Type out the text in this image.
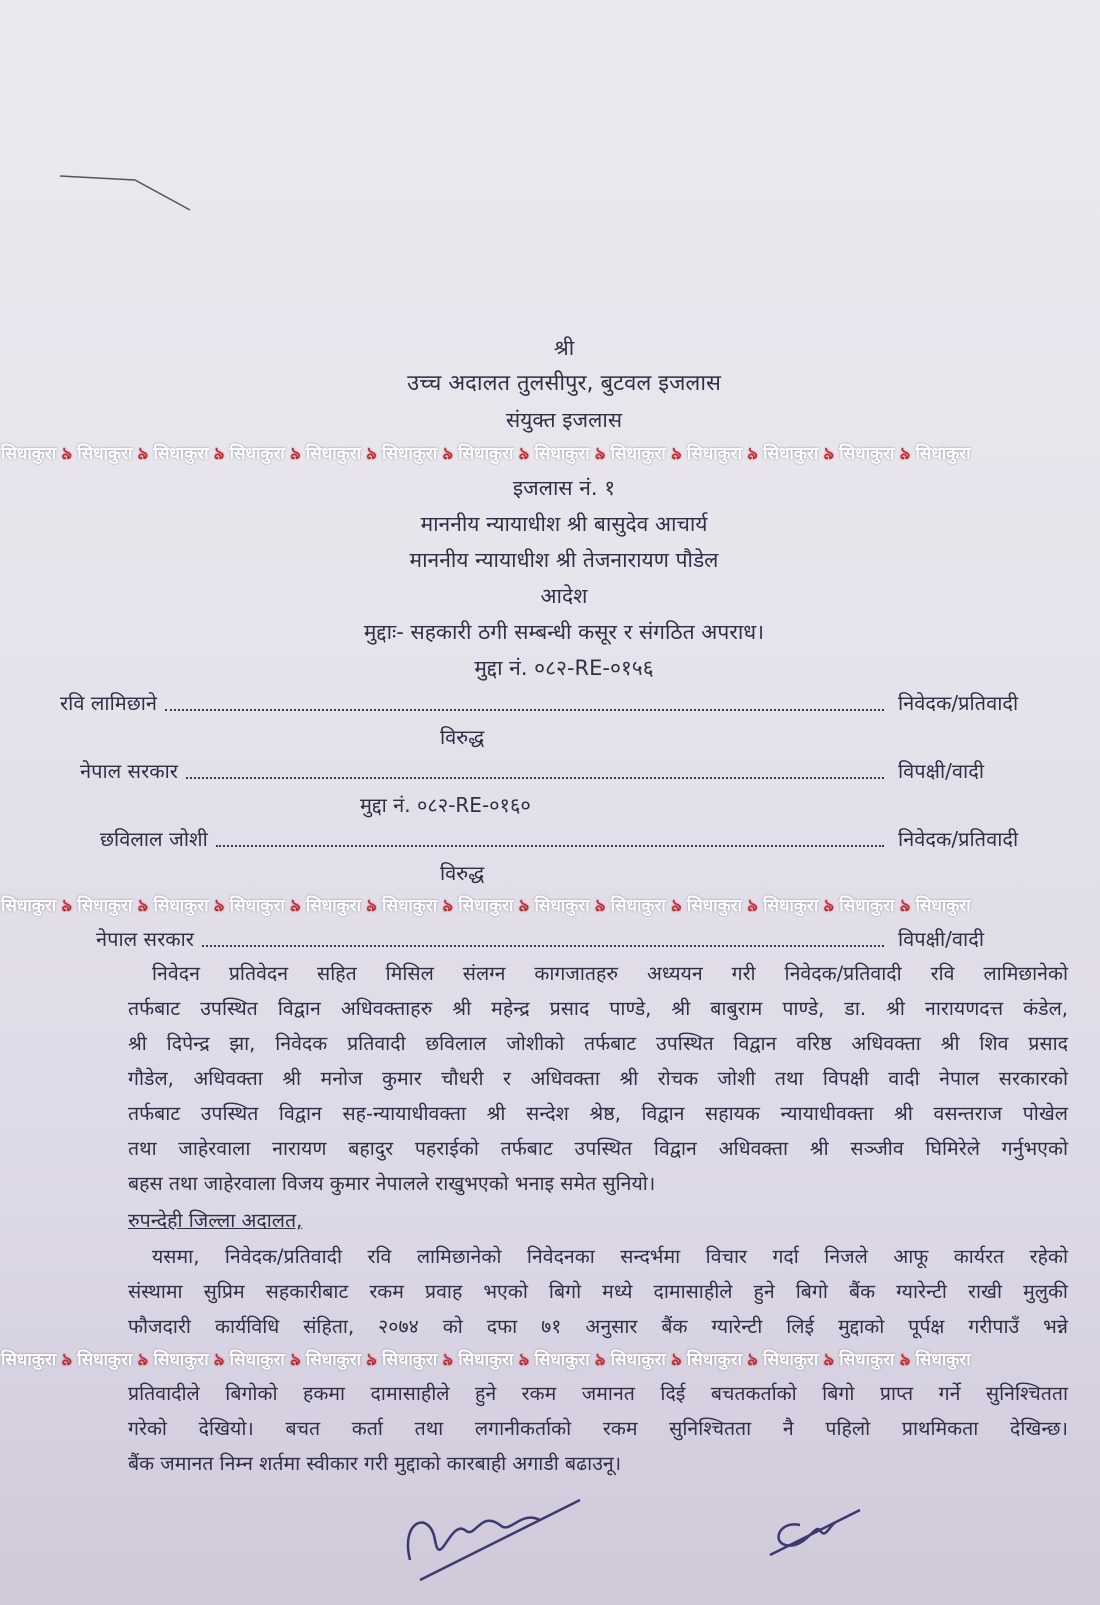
श्री

उच्च अदालत तुलसीपुर, बुटवल इजलास

संयुक्त इजलास

सिधाकुरा ৯ सिधाकुरा ৯ सिधाकुरा ৯ सिधाकुरा ৯ सिधाकुरा ৯ सिधाकुरा ৯ सिधाकुरा ৯ सिधाकुरा ৯ सिधाकुरा ৯ सिधाकुरा ৯ सिधाकुरा ৯ सिधाकुरा ৯ सिधाकुरा

इजलास नं. १

माननीय न्यायाधीश श्री बासुदेव आचार्य

माननीय न्यायाधीश श्री तेजनारायण पौडेल

आदेश

मुद्दाः- सहकारी ठगी सम्बन्धी कसूर र संगठित अपराध।

मुद्दा नं. ०८२-RE-०१५६

रवि लामिछाने	निवेदक/प्रतिवादी

विरुद्ध

नेपाल सरकार	विपक्षी/वादी

मुद्दा नं. ०८२-RE-०१६०

छविलाल जोशी	निवेदक/प्रतिवादी

विरुद्ध

सिधाकुरा ৯ सिधाकुरा ৯ सिधाकुरा ৯ सिधाकुरा ৯ सिधाकुरा ৯ सिधाकुरा ৯ सिधाकुरा ৯ सिधाकुरा ৯ सिधाकुरा ৯ सिधाकुरा ৯ सिधाकुरा ৯ सिधाकुरा ৯ सिधाकुरा
नेपाल सरकार	विपक्षी/वादी

निवेदन प्रतिवेदन सहित मिसिल संलग्न कागजातहरु अध्ययन गरी निवेदक/प्रतिवादी रवि लामिछानेको

तर्फबाट उपस्थित विद्वान अधिवक्ताहरु श्री महेन्द्र प्रसाद पाण्डे, श्री बाबुराम पाण्डे, डा. श्री नारायणदत्त कंडेल,

श्री दिपेन्द्र झा, निवेदक प्रतिवादी छविलाल जोशीको तर्फबाट उपस्थित विद्वान वरिष्ठ अधिवक्ता श्री शिव प्रसाद

गौडेल, अधिवक्ता श्री मनोज कुमार चौधरी र अधिवक्ता श्री रोचक जोशी तथा विपक्षी वादी नेपाल सरकारको

तर्फबाट उपस्थित विद्वान सह-न्यायाधीवक्ता श्री सन्देश श्रेष्ठ, विद्वान सहायक न्यायाधीवक्ता श्री वसन्तराज पोखेल

तथा जाहेरवाला नारायण बहादुर पहराईको तर्फबाट उपस्थित विद्वान अधिवक्ता श्री सञ्जीव घिमिरेले गर्नुभएको

बहस तथा जाहेरवाला विजय कुमार नेपालले राखुभएको भनाइ समेत सुनियो।

रुपन्देही जिल्ला अदालत,

यसमा, निवेदक/प्रतिवादी रवि लामिछानेको निवेदनका सन्दर्भमा विचार गर्दा निजले आफू कार्यरत रहेको

संस्थामा सुप्रिम सहकारीबाट रकम प्रवाह भएको बिगो मध्ये दामासाहीले हुने बिगो बैंक ग्यारेन्टी राखी मुलुकी

फौजदारी कार्यविधि संहिता, २०७४ को दफा ७१ अनुसार बैंक ग्यारेन्टी लिई मुद्दाको पूर्पक्ष गरीपाउँ भन्ने

सिधाकुरा ৯ सिधाकुरा ৯ सिधाकुरा ৯ सिधाकुरा ৯ सिधाकुरा ৯ सिधाकुरा ৯ सिधाकुरा ৯ सिधाकुरा ৯ सिधाकुरा ৯ सिधाकुरा ৯ सिधाकुरा ৯ सिधाकुरा ৯ सिधाकुरा

प्रतिवादीले बिगोको हकमा दामासाहीले हुने रकम जमानत दिई बचतकर्ताको बिगो प्राप्त गर्ने सुनिश्चितता

गरेको देखियो। बचत कर्ता तथा लगानीकर्ताको रकम सुनिश्चितता नै पहिलो प्राथमिकता देखिन्छ।

बैंक जमानत निम्न शर्तमा स्वीकार गरी मुद्दाको कारबाही अगाडी बढाउनू।
